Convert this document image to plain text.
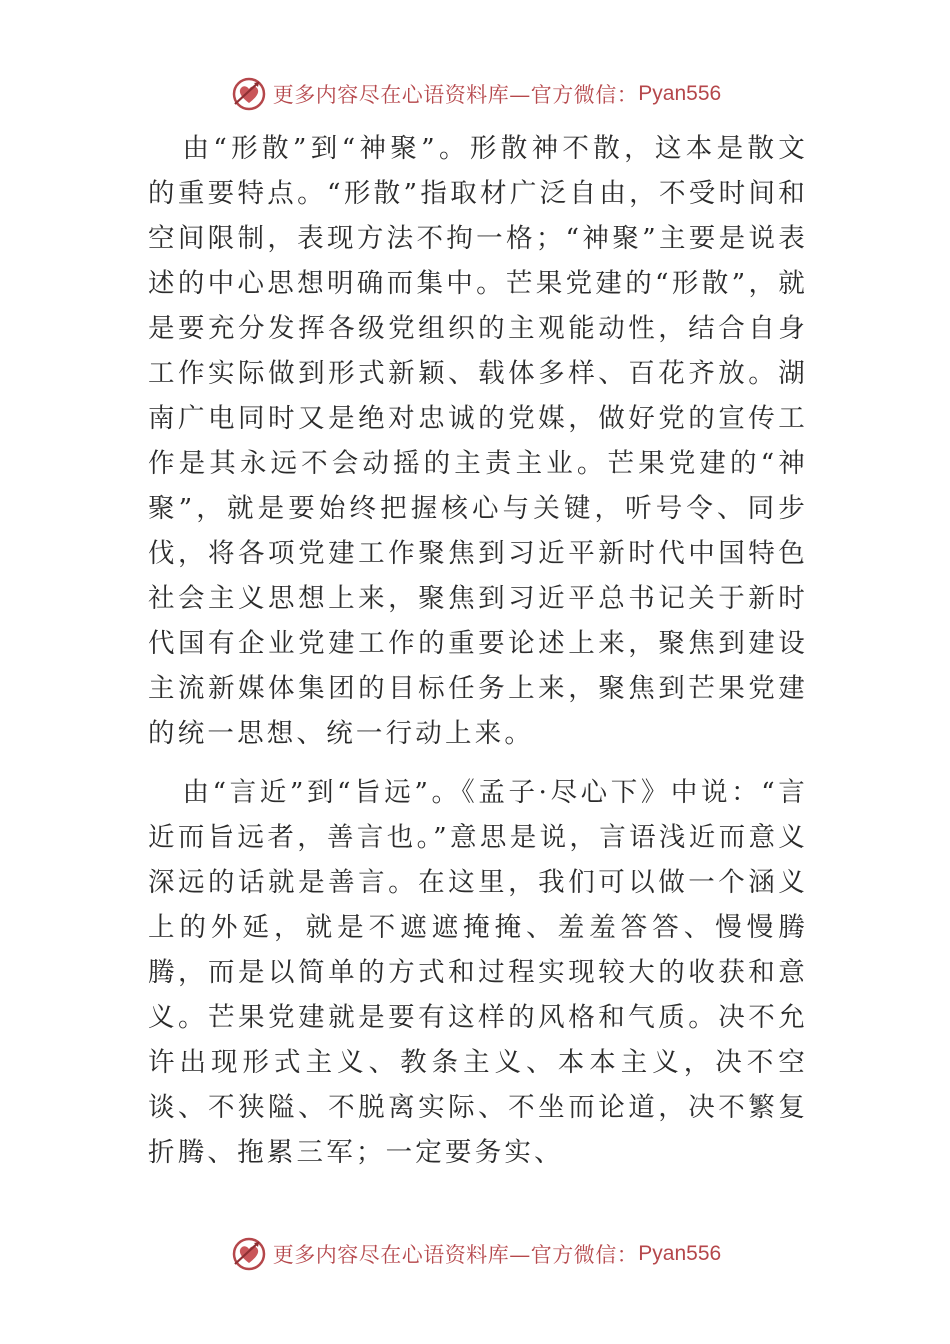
更多内容尽在心语资料库—官方微信： Pyan556

由“形散”到“神聚”。形散神不散，这本是散文的重要特点。“形散”指取材广泛自由，不受时间和空间限制，表现方法不拘一格；“神聚”主要是说表述的中心思想明确而集中。芒果党建的“形散”，就是要充分发挥各级党组织的主观能动性，结合自身工作实际做到形式新颖、载体多样、百花齐放。湖南广电同时又是绝对忠诚的党媒，做好党的宣传工作是其永远不会动摇的主责主业。芒果党建的“神聚”，就是要始终把握核心与关键，听号令、同步伐，将各项党建工作聚焦到习近平新时代中国特色社会主义思想上来，聚焦到习近平总书记关于新时代国有企业党建工作的重要论述上来，聚焦到建设主流新媒体集团的目标任务上来，聚焦到芒果党建的统一思想、统一行动上来。

由“言近”到“旨远”。《孟子·尽心下》中说：“言近而旨远者，善言也。”意思是说，言语浅近而意义深远的话就是善言。在这里，我们可以做一个涵义上的外延，就是不遮遮掩掩、羞羞答答、慢慢腾腾，而是以简单的方式和过程实现较大的收获和意义。芒果党建就是要有这样的风格和气质。决不允许出现形式主义、教条主义、本本主义，决不空谈、不狭隘、不脱离实际、不坐而论道，决不繁复折腾、拖累三军；一定要务实、

更多内容尽在心语资料库—官方微信： Pyan556
